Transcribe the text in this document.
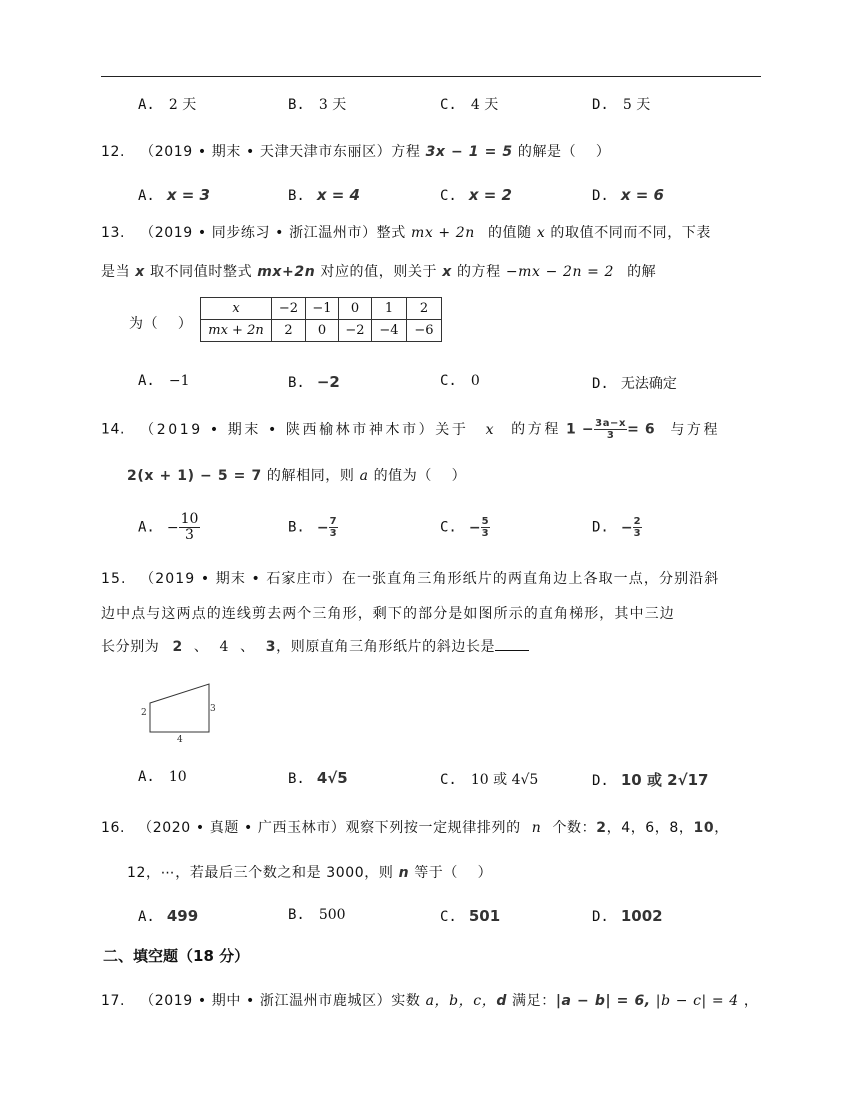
A. 2 天	B. 3 天	C. 4 天	D. 5 天
12. （2019 • 期末 • 天津天津市东丽区）方程 3x − 1 = 5 的解是（　 ）
A. x = 3	B. x = 4	C. x = 2	D. x = 6
13. （2019 • 同步练习 • 浙江温州市）整式 mx + 2n 的值随 x 的取值不同而不同，下表
是当 x 取不同值时整式 mx+2n 对应的值，则关于 x 的方程 −mx − 2n = 2 的解
为（　 ）
x	−2	−1	0	1	2
mx + 2n	2	0	−2	−4	−6
A. −1	B. −2	C. 0	D. 无法确定
14. （2019 • 期末 • 陕西榆林市神木市）关于 x 的方程 $1 - \frac{3a-x}{3} = 6$ 与方程
2(x + 1) − 5 = 7 的解相同，则 a 的值为（　 ）
A. − $\frac{10}{3}$	B. − $\frac{7}{3}$	C. − $\frac{5}{3}$	D. − $\frac{2}{3}$
15. （2019 • 期末 • 石家庄市）在一张直角三角形纸片的两直角边上各取一点，分别沿斜
边中点与这两点的连线剪去两个三角形，剩下的部分是如图所示的直角梯形，其中三边
长分别为 2 、 4 、 3，则原直角三角形纸片的斜边长是
2	3
4
A. 10	B. 4√5	C. 10 或 4√5	D. 10 或 2√17
16. （2020 • 真题 • 广西玉林市）观察下列按一定规律排列的 n 个数：2，4，6，8，10，
12，⋯，若最后三个数之和是 3000，则 n 等于（　 ）
A. 499	B. 500	C. 501	D. 1002
二、填空题（18 分）
17. （2019 • 期中 • 浙江温州市鹿城区）实数 a，b，c，d 满足：|a − b| = 6, |b − c| = 4 ，
